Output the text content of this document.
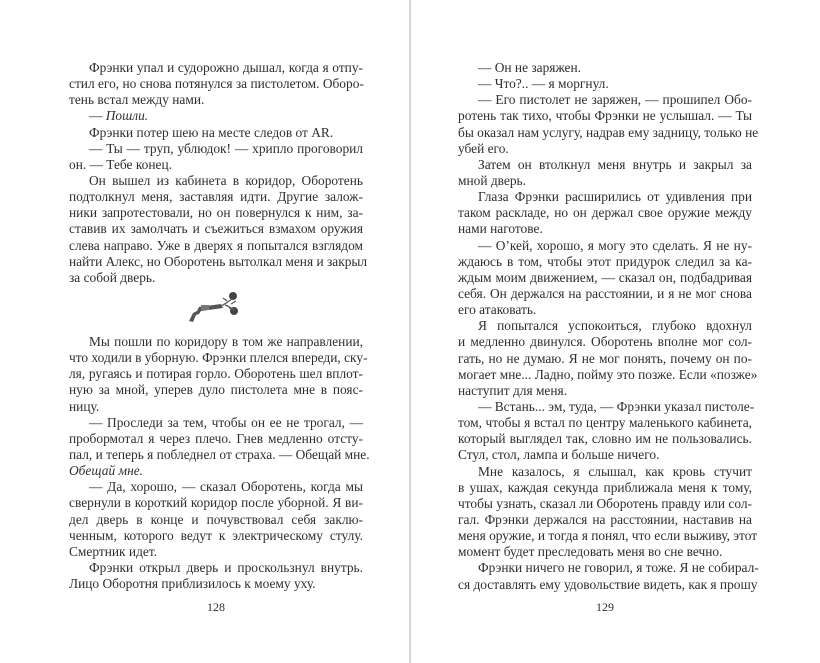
Фрэнки упал и судорожно дышал, когда я отпу-
стил его, но снова потянулся за пистолетом. Оборо-
тень встал между нами.
— Пошли.
Фрэнки потер шею на месте следов от AR.
— Ты — труп, ублюдок! — хрипло проговорил
он. — Тебе конец.
Он вышел из кабинета в коридор, Оборотень
подтолкнул меня, заставляя идти. Другие залож-
ники запротестовали, но он повернулся к ним, за-
ставив их замолчать и съежиться взмахом оружия
слева направо. Уже в дверях я попытался взглядом
найти Алекс, но Оборотень вытолкал меня и закрыл
за собой дверь.
Мы пошли по коридору в том же направлении,
что ходили в уборную. Фрэнки плелся впереди, ску-
ля, ругаясь и потирая горло. Оборотень шел вплот-
ную за мной, уперев дуло пистолета мне в пояс-
ницу.
— Проследи за тем, чтобы он ее не трогал, —
пробормотал я через плечо. Гнев медленно отсту-
пал, и теперь я побледнел от страха. — Обещай мне.
Обещай мне.
— Да, хорошо, — сказал Оборотень, когда мы
свернули в короткий коридор после уборной. Я ви-
дел дверь в конце и почувствовал себя заклю-
ченным, которого ведут к электрическому стулу.
Смертник идет.
Фрэнки открыл дверь и проскользнул внутрь.
Лицо Оборотня приблизилось к моему уху.
128
— Он не заряжен.
— Что?.. — я моргнул.
— Его пистолет не заряжен, — прошипел Обо-
ротень так тихо, чтобы Фрэнки не услышал. — Ты
бы оказал нам услугу, надрав ему задницу, только не
убей его.
Затем он втолкнул меня внутрь и закрыл за
мной дверь.
Глаза Фрэнки расширились от удивления при
таком раскладе, но он держал свое оружие между
нами наготове.
— О’кей, хорошо, я могу это сделать. Я не ну-
ждаюсь в том, чтобы этот придурок следил за ка-
ждым моим движением, — сказал он, подбадривая
себя. Он держался на расстоянии, и я не мог снова
его атаковать.
Я попытался успокоиться, глубоко вдохнул
и медленно двинулся. Оборотень вполне мог сол-
гать, но не думаю. Я не мог понять, почему он по-
могает мне... Ладно, пойму это позже. Если «позже»
наступит для меня.
— Встань... эм, туда, — Фрэнки указал пистоле-
том, чтобы я встал по центру маленького кабинета,
который выглядел так, словно им не пользовались.
Стул, стол, лампа и больше ничего.
Мне казалось, я слышал, как кровь стучит
в ушах, каждая секунда приближала меня к тому,
чтобы узнать, сказал ли Оборотень правду или сол-
гал. Фрэнки держался на расстоянии, наставив на
меня оружие, и тогда я понял, что если выживу, этот
момент будет преследовать меня во сне вечно.
Фрэнки ничего не говорил, я тоже. Я не собирал-
ся доставлять ему удовольствие видеть, как я прошу
129
